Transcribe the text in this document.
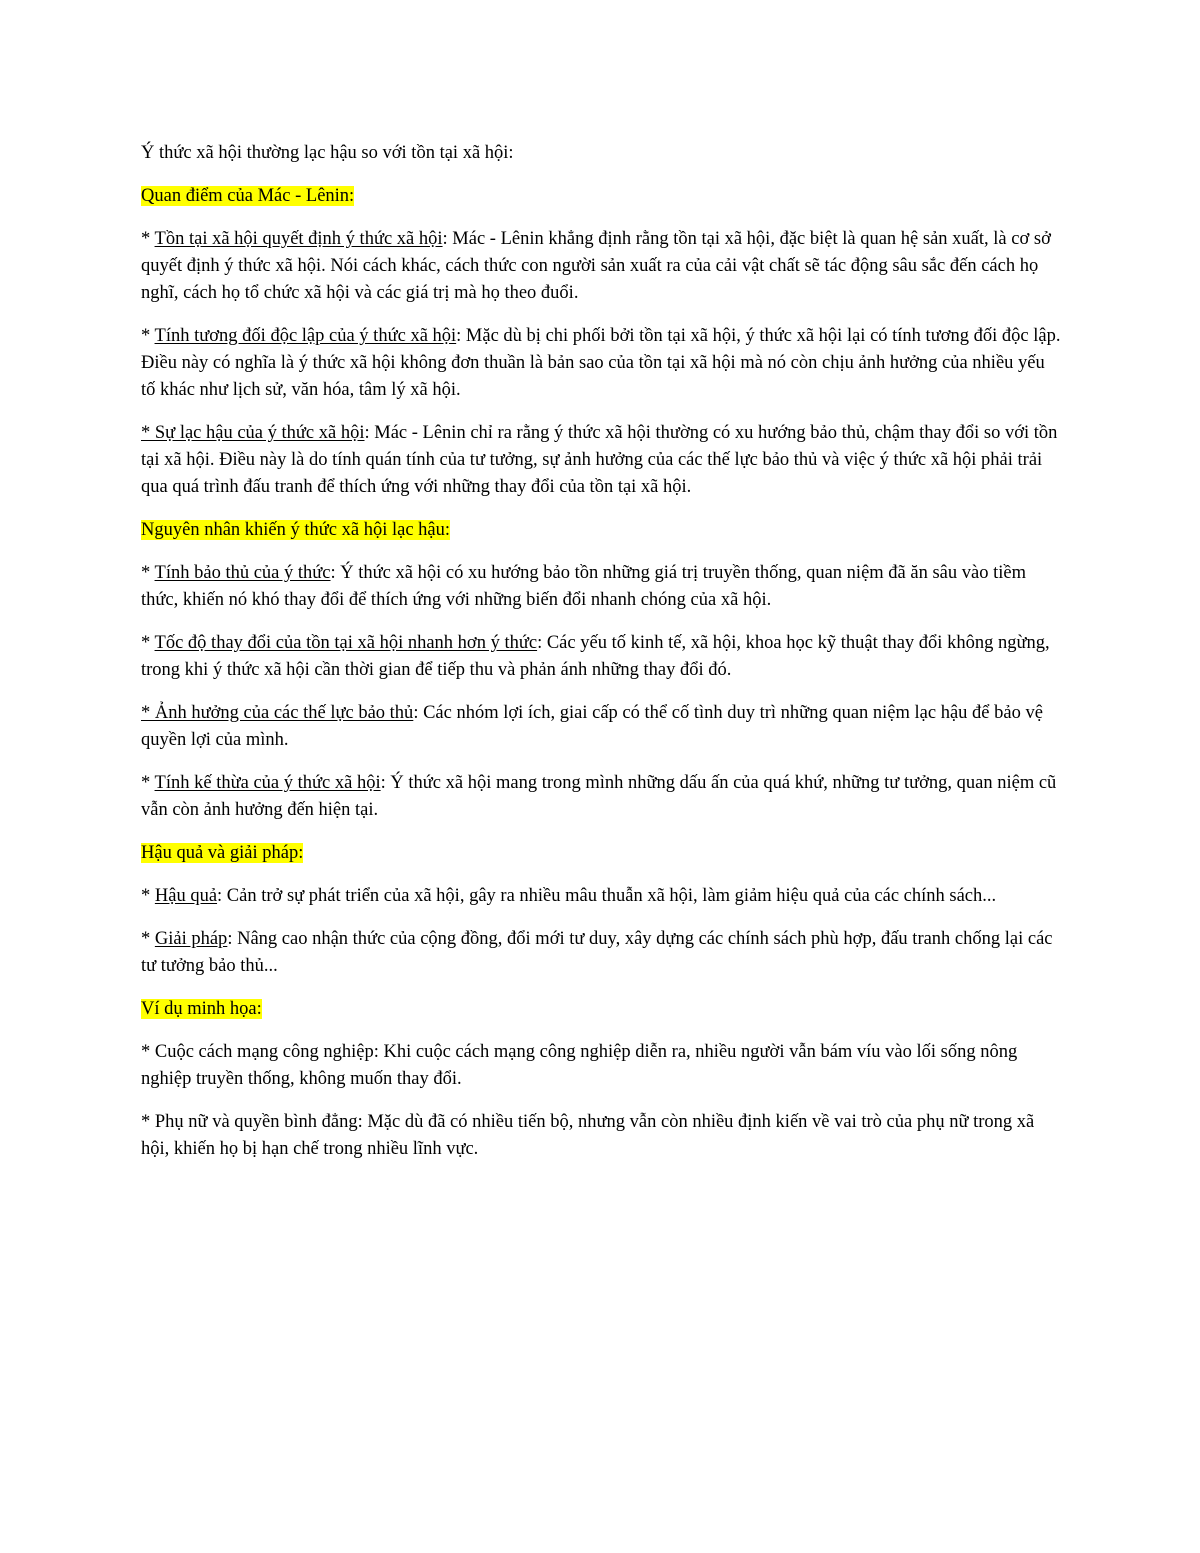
Ý thức xã hội thường lạc hậu so với tồn tại xã hội:

Quan điểm của Mác - Lênin:

* Tồn tại xã hội quyết định ý thức xã hội: Mác - Lênin khẳng định rằng tồn tại xã hội, đặc biệt là quan hệ sản xuất, là cơ sở quyết định ý thức xã hội. Nói cách khác, cách thức con người sản xuất ra của cải vật chất sẽ tác động sâu sắc đến cách họ nghĩ, cách họ tổ chức xã hội và các giá trị mà họ theo đuổi.

* Tính tương đối độc lập của ý thức xã hội: Mặc dù bị chi phối bởi tồn tại xã hội, ý thức xã hội lại có tính tương đối độc lập. Điều này có nghĩa là ý thức xã hội không đơn thuần là bản sao của tồn tại xã hội mà nó còn chịu ảnh hưởng của nhiều yếu tố khác như lịch sử, văn hóa, tâm lý xã hội.

* Sự lạc hậu của ý thức xã hội: Mác - Lênin chỉ ra rằng ý thức xã hội thường có xu hướng bảo thủ, chậm thay đổi so với tồn tại xã hội. Điều này là do tính quán tính của tư tưởng, sự ảnh hưởng của các thế lực bảo thủ và việc ý thức xã hội phải trải qua quá trình đấu tranh để thích ứng với những thay đổi của tồn tại xã hội.

Nguyên nhân khiến ý thức xã hội lạc hậu:

* Tính bảo thủ của ý thức: Ý thức xã hội có xu hướng bảo tồn những giá trị truyền thống, quan niệm đã ăn sâu vào tiềm thức, khiến nó khó thay đổi để thích ứng với những biến đổi nhanh chóng của xã hội.

* Tốc độ thay đổi của tồn tại xã hội nhanh hơn ý thức: Các yếu tố kinh tế, xã hội, khoa học kỹ thuật thay đổi không ngừng, trong khi ý thức xã hội cần thời gian để tiếp thu và phản ánh những thay đổi đó.

* Ảnh hưởng của các thế lực bảo thủ: Các nhóm lợi ích, giai cấp có thể cố tình duy trì những quan niệm lạc hậu để bảo vệ quyền lợi của mình.

* Tính kế thừa của ý thức xã hội: Ý thức xã hội mang trong mình những dấu ấn của quá khứ, những tư tưởng, quan niệm cũ vẫn còn ảnh hưởng đến hiện tại.

Hậu quả và giải pháp:

* Hậu quả: Cản trở sự phát triển của xã hội, gây ra nhiều mâu thuẫn xã hội, làm giảm hiệu quả của các chính sách...

* Giải pháp: Nâng cao nhận thức của cộng đồng, đổi mới tư duy, xây dựng các chính sách phù hợp, đấu tranh chống lại các tư tưởng bảo thủ...

Ví dụ minh họa:

* Cuộc cách mạng công nghiệp: Khi cuộc cách mạng công nghiệp diễn ra, nhiều người vẫn bám víu vào lối sống nông nghiệp truyền thống, không muốn thay đổi.

* Phụ nữ và quyền bình đẳng: Mặc dù đã có nhiều tiến bộ, nhưng vẫn còn nhiều định kiến về vai trò của phụ nữ trong xã hội, khiến họ bị hạn chế trong nhiều lĩnh vực.
